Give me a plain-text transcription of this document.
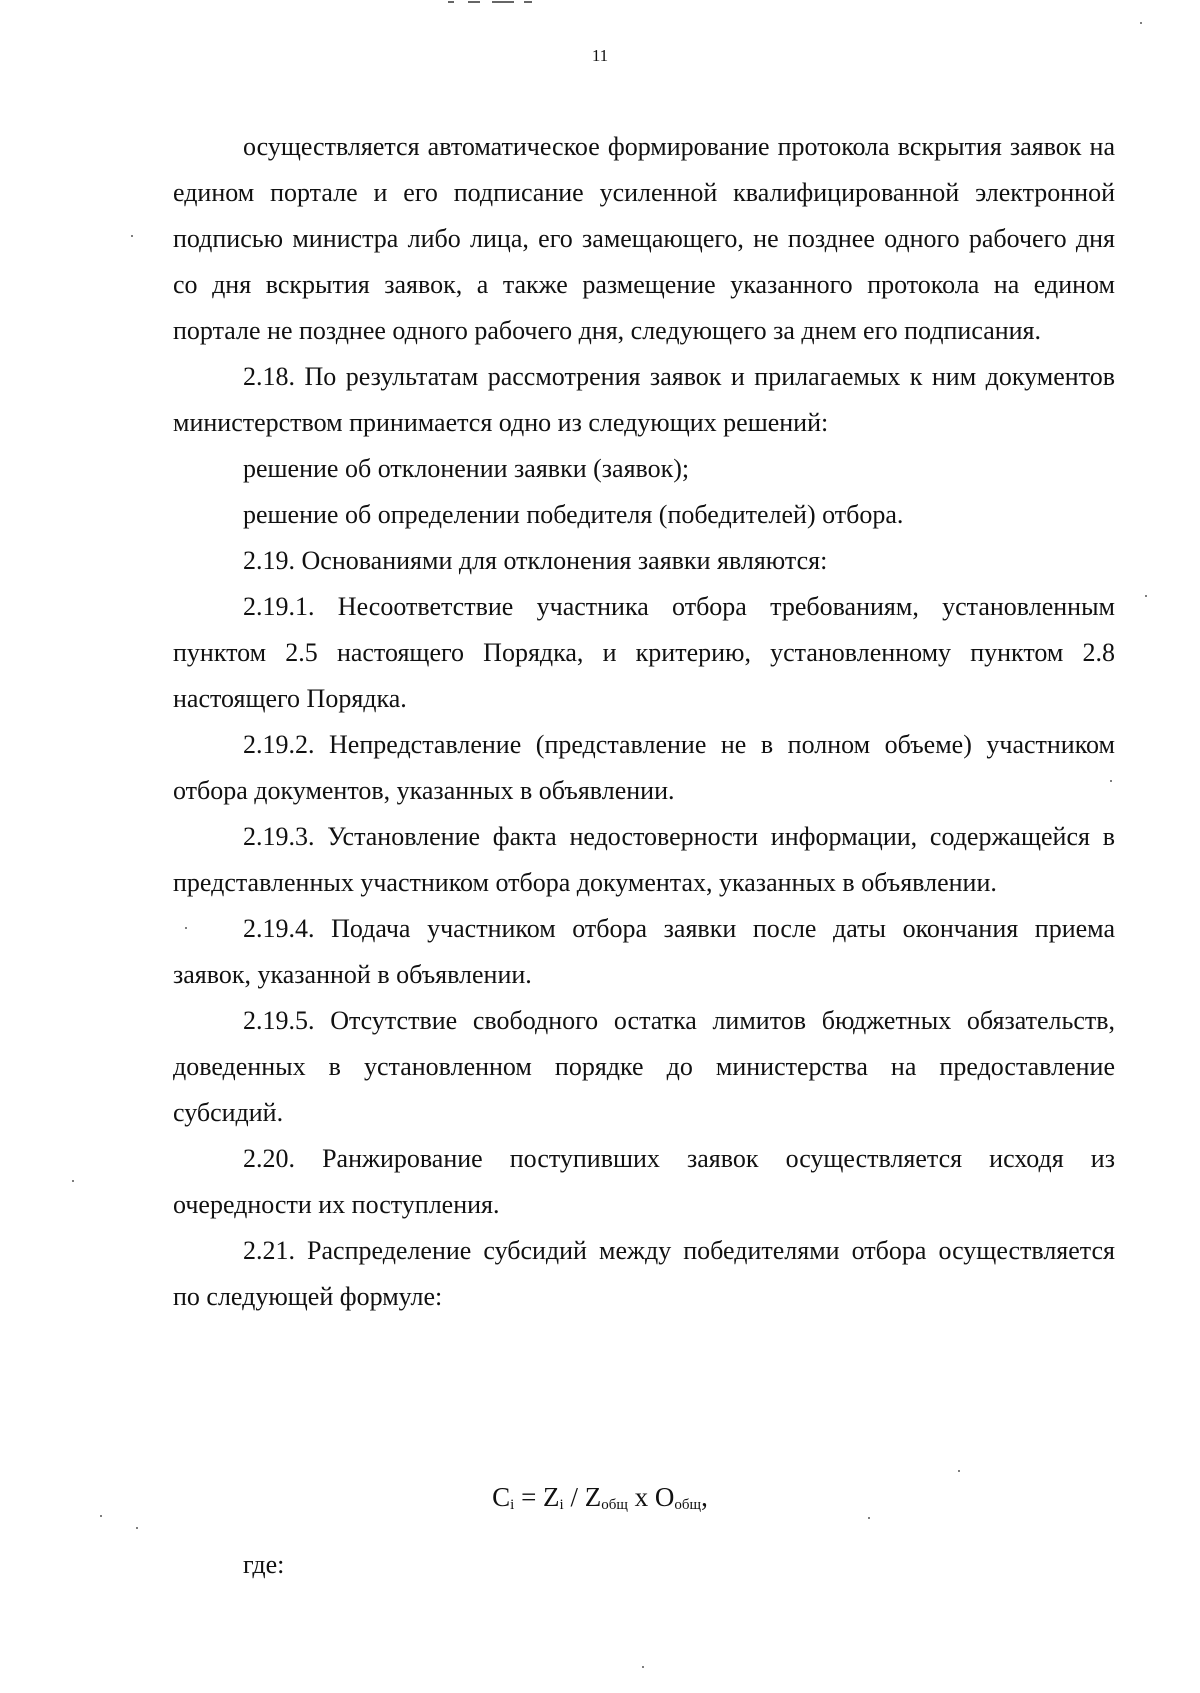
11

осуществляется автоматическое формирование протокола вскрытия заявок на едином портале и его подписание усиленной квалифицированной электронной подписью министра либо лица, его замещающего, не позднее одного рабочего дня со дня вскрытия заявок, а также размещение указанного протокола на едином портале не позднее одного рабочего дня, следующего за днем его подписания.

2.18. По результатам рассмотрения заявок и прилагаемых к ним документов министерством принимается одно из следующих решений:

решение об отклонении заявки (заявок);

решение об определении победителя (победителей) отбора.

2.19. Основаниями для отклонения заявки являются:

2.19.1. Несоответствие участника отбора требованиям, установленным пунктом 2.5 настоящего Порядка, и критерию, установленному пунктом 2.8 настоящего Порядка.

2.19.2. Непредставление (представление не в полном объеме) участником отбора документов, указанных в объявлении.

2.19.3. Установление факта недостоверности информации, содержащейся в представленных участником отбора документах, указанных в объявлении.

2.19.4. Подача участником отбора заявки после даты окончания приема заявок, указанной в объявлении.

2.19.5. Отсутствие свободного остатка лимитов бюджетных обязательств, доведенных в установленном порядке до министерства на предоставление субсидий.

2.20. Ранжирование поступивших заявок осуществляется исходя из очередности их поступления.

2.21. Распределение субсидий между победителями отбора осуществляется по следующей формуле:

$C_i = Z_i / Z_{общ}$ x $O_{общ}$,
где:
